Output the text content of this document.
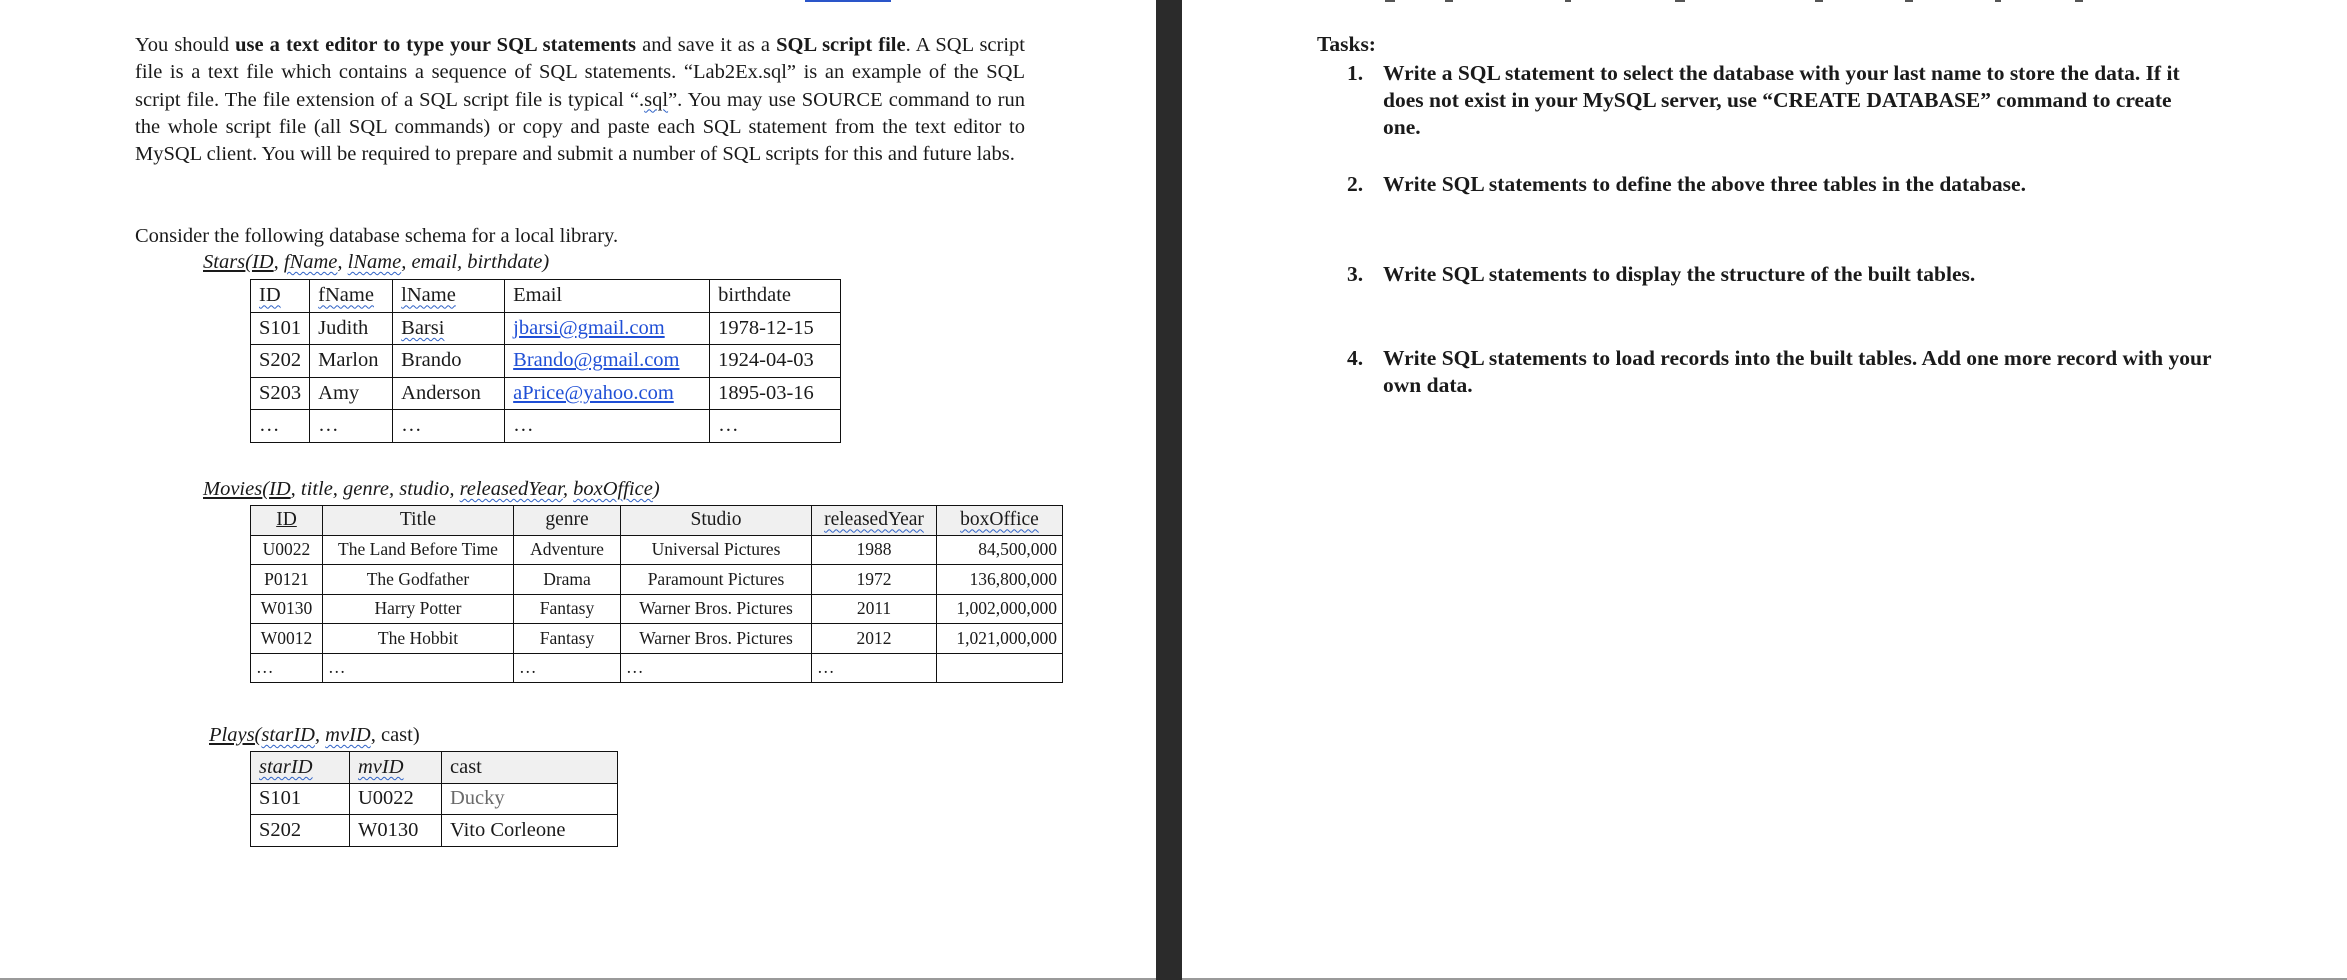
You should use a text editor to type your SQL statements and save it as a SQL script file. A SQL script file is a text file which contains a sequence of SQL statements. “Lab2Ex.sql” is an example of the SQL script file. The file extension of a SQL script file is typical “.sql”. You may use SOURCE command to run the whole script file (all SQL commands) or copy and paste each SQL statement from the text editor to MySQL client. You will be required to prepare and submit a number of SQL scripts for this and future labs.
Consider the following database schema for a local library.
Stars(ID, fName, lName, email, birthdate)
ID	fName	lName	Email	birthdate
S101	Judith	Barsi	jbarsi@gmail.com	1978-12-15
S202	Marlon	Brando	Brando@gmail.com	1924-04-03
S203	Amy	Anderson	aPrice@yahoo.com	1895-03-16
…	…	…	…	…
Movies(ID, title, genre, studio, releasedYear, boxOffice)
ID	Title	genre	Studio	releasedYear	boxOffice
U0022	The Land Before Time	Adventure	Universal Pictures	1988	84,500,000
P0121	The Godfather	Drama	Paramount Pictures	1972	136,800,000
W0130	Harry Potter	Fantasy	Warner Bros. Pictures	2011	1,002,000,000
W0012	The Hobbit	Fantasy	Warner Bros. Pictures	2012	1,021,000,000
…	…	…	…	…	
Plays(starID, mvID, cast)
starID	mvID	cast
S101	U0022	Ducky
S202	W0130	Vito Corleone
Tasks:
1. Write a SQL statement to select the database with your last name to store the data. If it does not exist in your MySQL server, use “CREATE DATABASE” command to create one.
2. Write SQL statements to define the above three tables in the database.
3. Write SQL statements to display the structure of the built tables.
4. Write SQL statements to load records into the built tables. Add one more record with your own data.
